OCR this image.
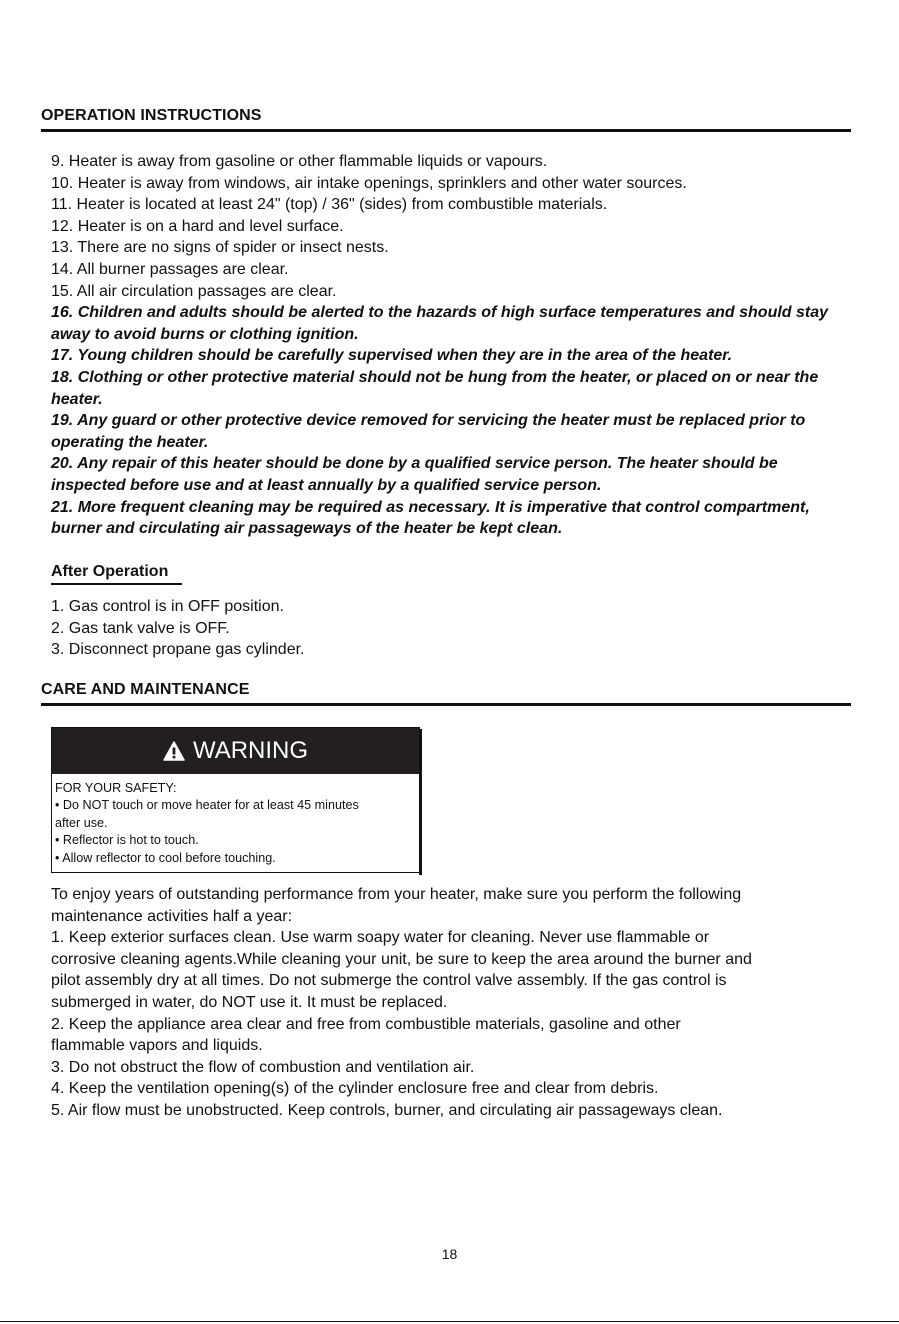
OPERATION INSTRUCTIONS
9. Heater is away from gasoline or other flammable liquids or vapours.
10. Heater is away from windows, air intake openings, sprinklers and other water sources.
11. Heater is located at least 24" (top) / 36" (sides) from combustible materials.
12. Heater is on a hard and level surface.
13. There are no signs of spider or insect nests.
14. All burner passages are clear.
15. All air circulation passages are clear.
16. Children and adults should be alerted to the hazards of high surface temperatures and should stay away to avoid burns or clothing ignition.
17. Young children should be carefully supervised when they are in the area of the heater.
18. Clothing or other protective material should not be hung from the heater, or placed on or near the heater.
19. Any guard or other protective device removed for servicing the heater must be replaced prior to operating the heater.
20. Any repair of this heater should be done by a qualified service person. The heater should be inspected before use and at least annually by a qualified service person.
21. More frequent cleaning may be required as necessary. It is imperative that control compartment, burner and circulating air passageways of the heater be kept clean.
After Operation
1. Gas control is in OFF position.
2. Gas tank valve is OFF.
3. Disconnect propane gas cylinder.
CARE AND MAINTENANCE
WARNING
FOR YOUR SAFETY:
• Do NOT touch or move heater for at least 45 minutes
after use.
• Reflector is hot to touch.
• Allow reflector to cool before touching.
To enjoy years of outstanding performance from your heater, make sure you perform the following
maintenance activities half a year:
1. Keep exterior surfaces clean. Use warm soapy water for cleaning. Never use flammable or
corrosive cleaning agents.While cleaning your unit, be sure to keep the area around the burner and
pilot assembly dry at all times. Do not submerge the control valve assembly. If the gas control is
submerged in water, do NOT use it. It must be replaced.
2. Keep the appliance area clear and free from combustible materials, gasoline and other
flammable vapors and liquids.
3. Do not obstruct the flow of combustion and ventilation air.
4. Keep the ventilation opening(s) of the cylinder enclosure free and clear from debris.
5. Air flow must be unobstructed. Keep controls, burner, and circulating air passageways clean.
18
